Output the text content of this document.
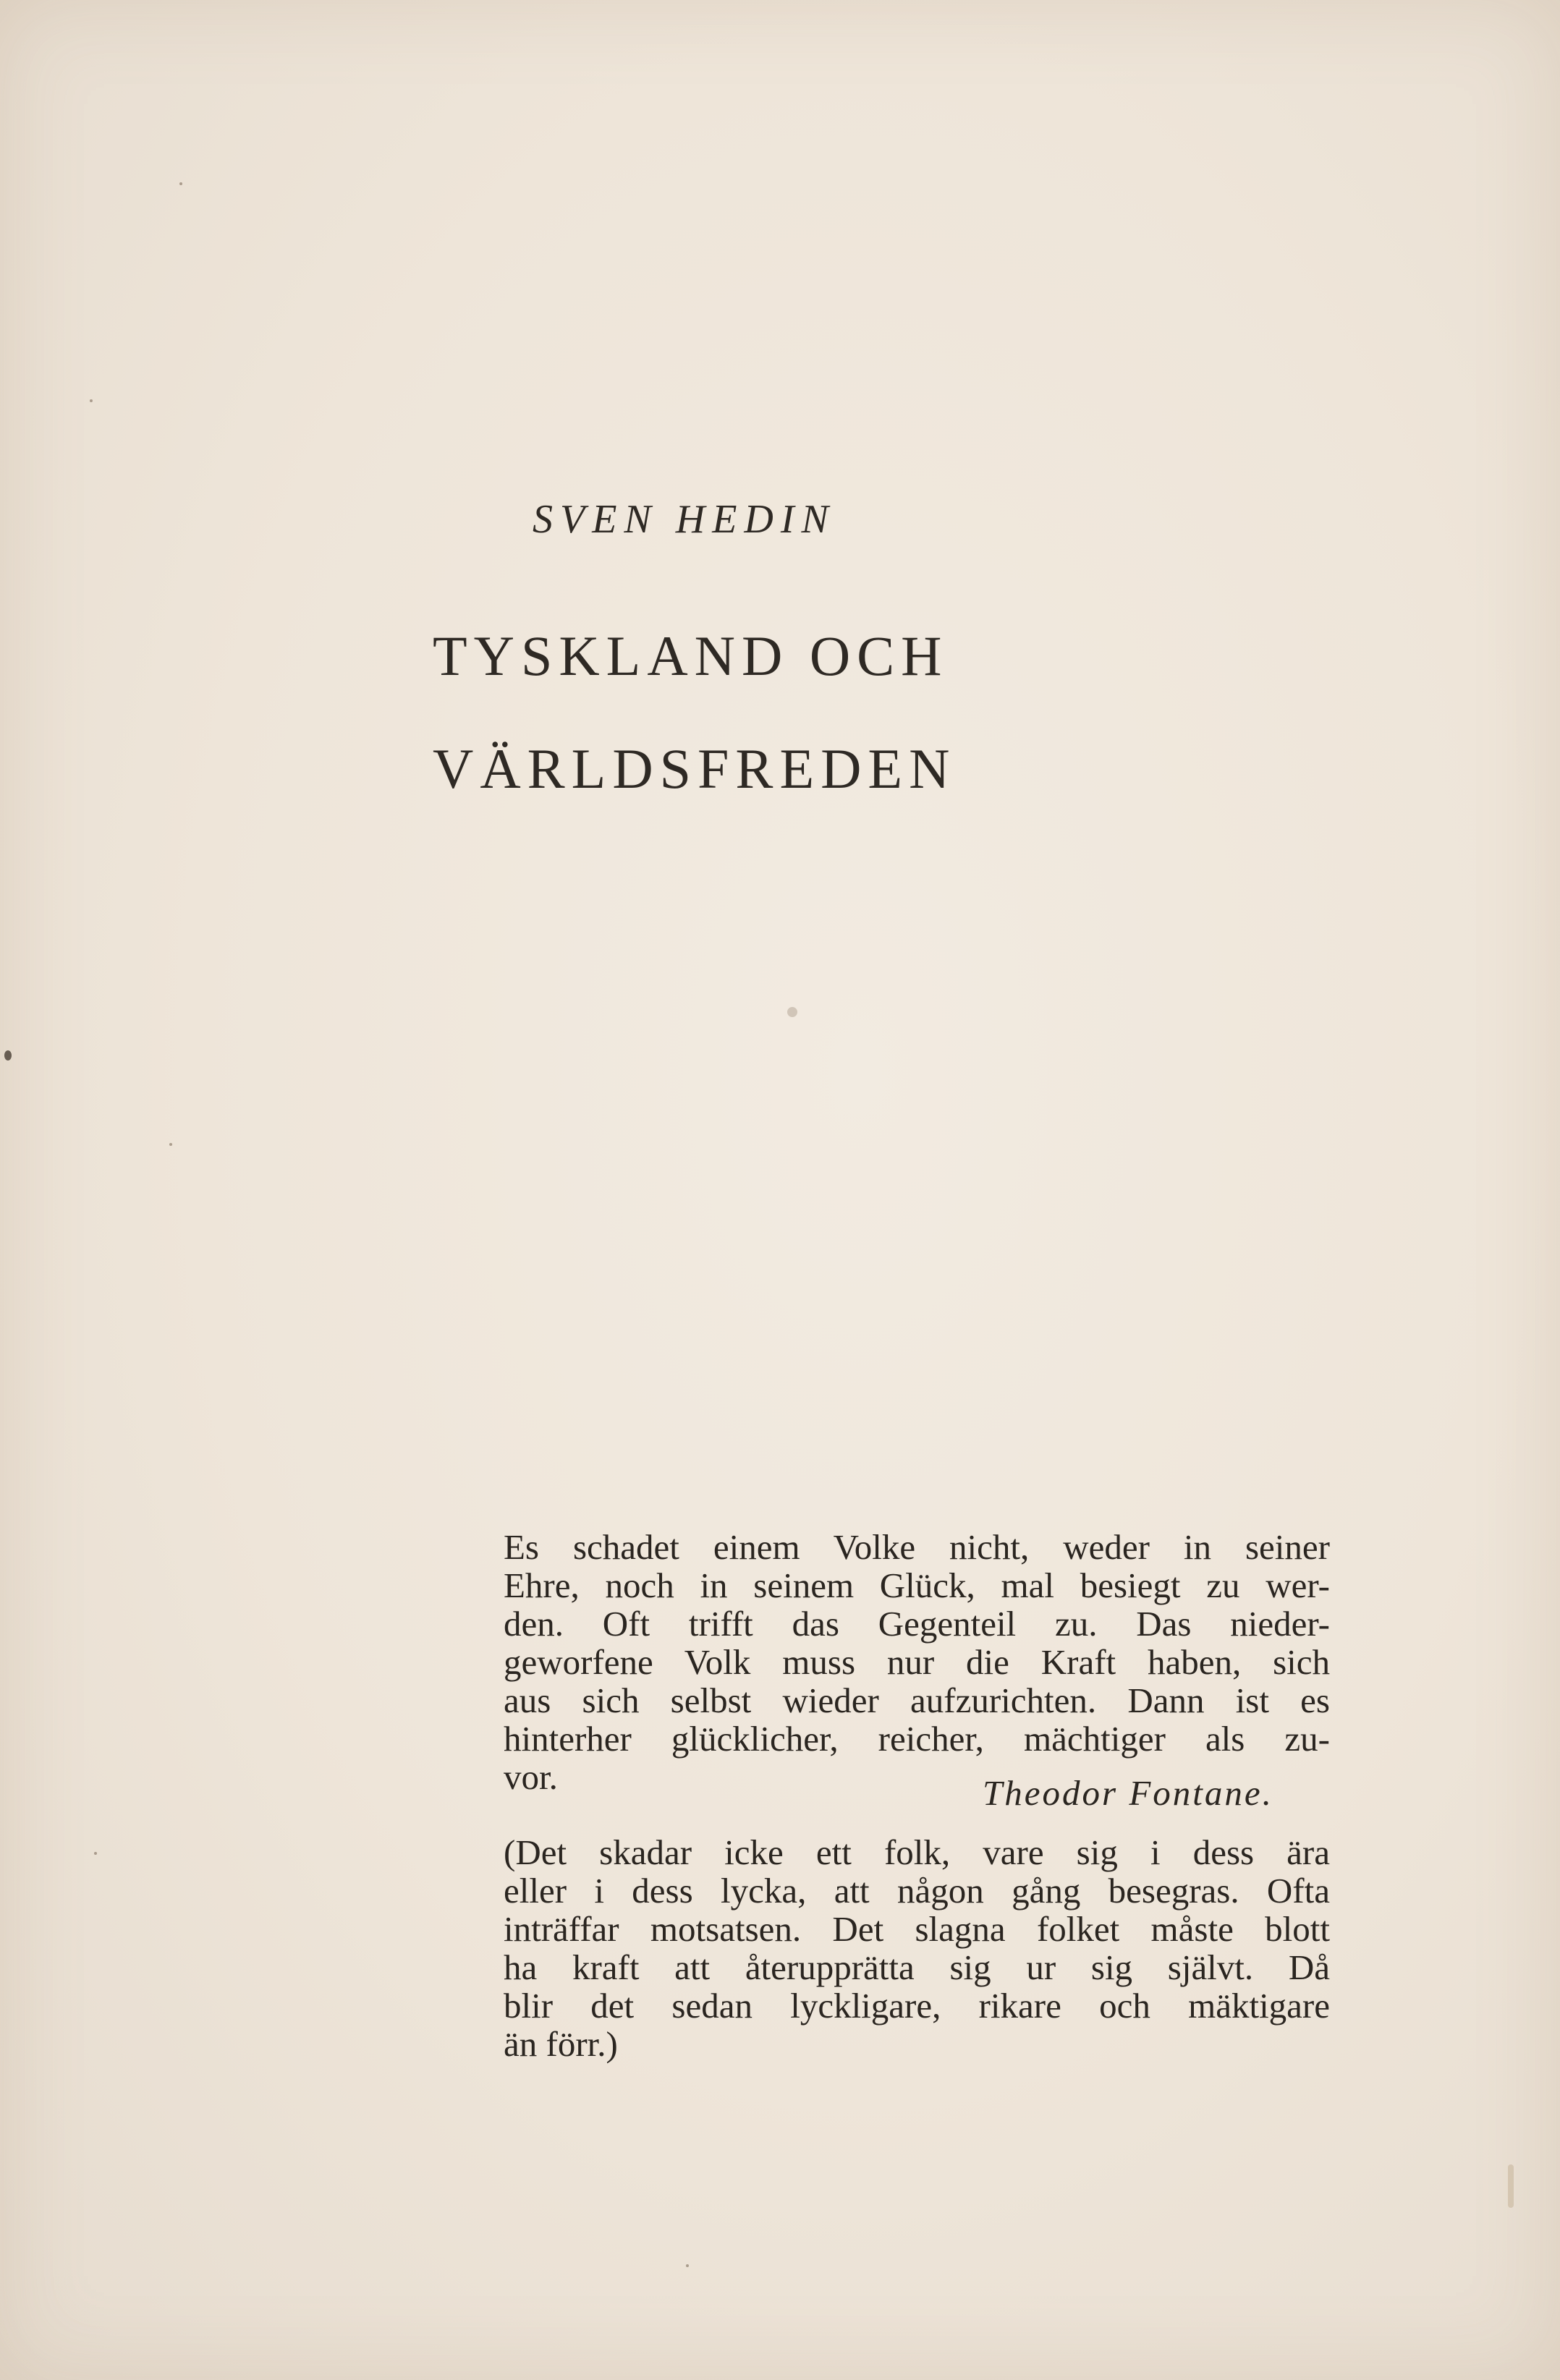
SVEN HEDIN
TYSKLAND OCH
VÄRLDSFREDEN
Es schadet einem Volke nicht, weder in seiner
Ehre, noch in seinem Glück, mal besiegt zu wer-
den. Oft trifft das Gegenteil zu. Das nieder-
geworfene Volk muss nur die Kraft haben, sich
aus sich selbst wieder aufzurichten. Dann ist es
hinterher glücklicher, reicher, mächtiger als zu-
vor.	Theodor Fontane.
(Det skadar icke ett folk, vare sig i dess ära
eller i dess lycka, att någon gång besegras. Ofta
inträffar motsatsen. Det slagna folket måste blott
ha kraft att återupprätta sig ur sig självt. Då
blir det sedan lyckligare, rikare och mäktigare
än förr.)
